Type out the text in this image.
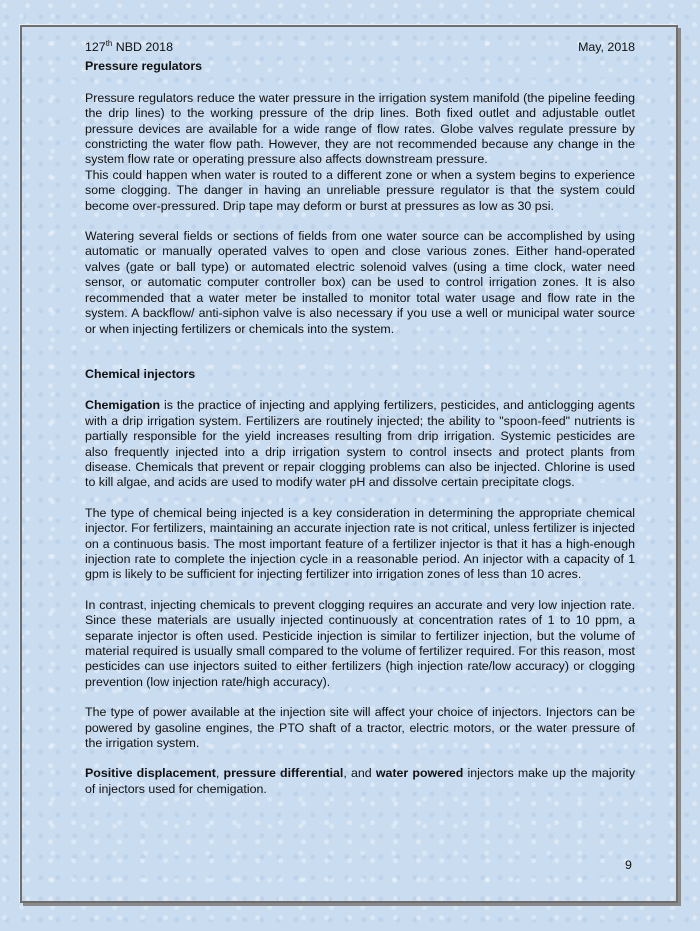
127th NBD 2018	May, 2018
Pressure regulators

Pressure regulators reduce the water pressure in the irrigation system manifold (the pipeline feeding the drip lines) to the working pressure of the drip lines. Both fixed outlet and adjustable outlet pressure devices are available for a wide range of flow rates. Globe valves regulate pressure by constricting the water flow path. However, they are not recommended because any change in the system flow rate or operating pressure also affects downstream pressure.

This could happen when water is routed to a different zone or when a system begins to experience some clogging. The danger in having an unreliable pressure regulator is that the system could become over-pressured. Drip tape may deform or burst at pressures as low as 30 psi.

Watering several fields or sections of fields from one water source can be accomplished by using automatic or manually operated valves to open and close various zones. Either hand-operated valves (gate or ball type) or automated electric solenoid valves (using a time clock, water need sensor, or automatic computer controller box) can be used to control irrigation zones. It is also recommended that a water meter be installed to monitor total water usage and flow rate in the system. A backflow/ anti-siphon valve is also necessary if you use a well or municipal water source or when injecting fertilizers or chemicals into the system.

Chemical injectors

Chemigation is the practice of injecting and applying fertilizers, pesticides, and anticlogging agents with a drip irrigation system. Fertilizers are routinely injected; the ability to "spoon-feed" nutrients is partially responsible for the yield increases resulting from drip irrigation. Systemic pesticides are also frequently injected into a drip irrigation system to control insects and protect plants from disease. Chemicals that prevent or repair clogging problems can also be injected. Chlorine is used to kill algae, and acids are used to modify water pH and dissolve certain precipitate clogs.

The type of chemical being injected is a key consideration in determining the appropriate chemical injector. For fertilizers, maintaining an accurate injection rate is not critical, unless fertilizer is injected on a continuous basis. The most important feature of a fertilizer injector is that it has a high-enough injection rate to complete the injection cycle in a reasonable period. An injector with a capacity of 1 gpm is likely to be sufficient for injecting fertilizer into irrigation zones of less than 10 acres.

In contrast, injecting chemicals to prevent clogging requires an accurate and very low injection rate. Since these materials are usually injected continuously at concentration rates of 1 to 10 ppm, a separate injector is often used. Pesticide injection is similar to fertilizer injection, but the volume of material required is usually small compared to the volume of fertilizer required. For this reason, most pesticides can use injectors suited to either fertilizers (high injection rate/low accuracy) or clogging prevention (low injection rate/high accuracy).

The type of power available at the injection site will affect your choice of injectors. Injectors can be powered by gasoline engines, the PTO shaft of a tractor, electric motors, or the water pressure of the irrigation system.

Positive displacement, pressure differential, and water powered injectors make up the majority of injectors used for chemigation.

9
